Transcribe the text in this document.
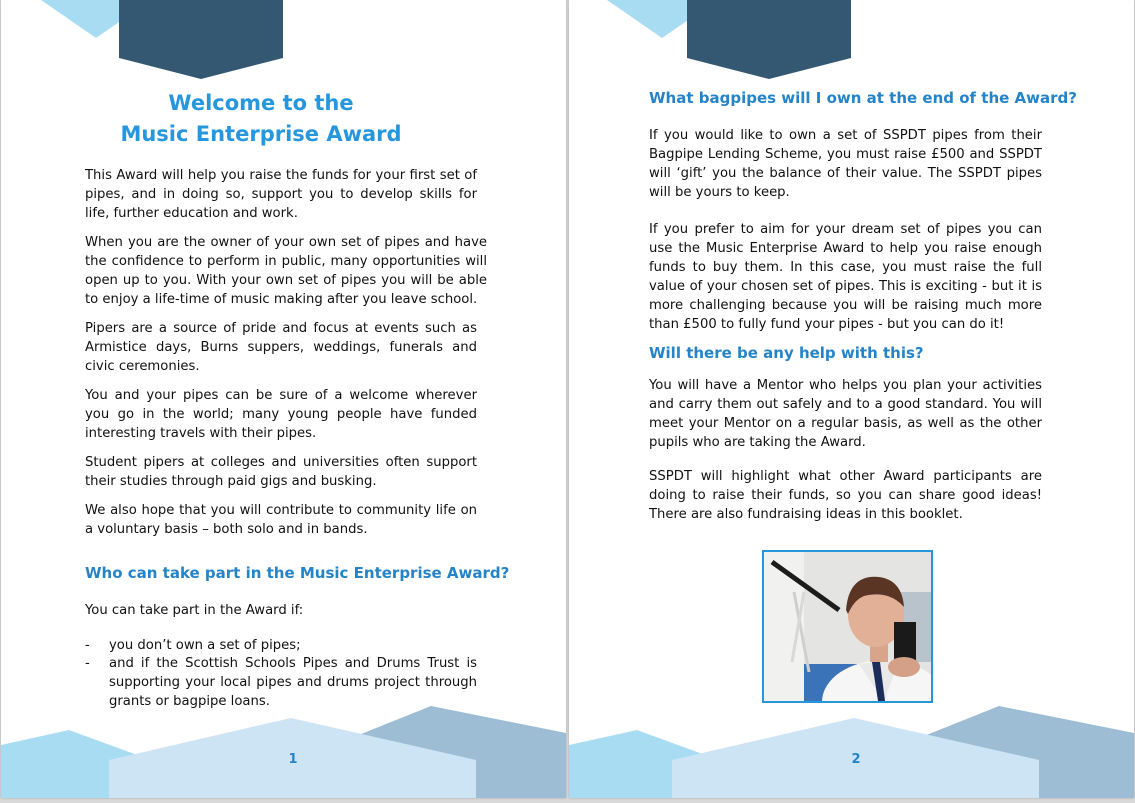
Welcome to the
Music Enterprise Award

This Award will help you raise the funds for your first set of pipes, and in doing so, support you to develop skills for life, further education and work.

When you are the owner of your own set of pipes and have the confidence to perform in public, many opportunities will open up to you. With your own set of pipes you will be able to enjoy a life-time of music making after you leave school.

Pipers are a source of pride and focus at events such as Armistice days, Burns suppers, weddings, funerals and civic ceremonies.

You and your pipes can be sure of a welcome wherever you go in the world; many young people have funded interesting travels with their pipes.

Student pipers at colleges and universities often support their studies through paid gigs and busking.

We also hope that you will contribute to community life on a voluntary basis – both solo and in bands.

Who can take part in the Music Enterprise Award?

You can take part in the Award if:

- you don’t own a set of pipes;
- and if the Scottish Schools Pipes and Drums Trust is supporting your local pipes and drums project through grants or bagpipe loans.
1
What bagpipes will I own at the end of the Award?

If you would like to own a set of SSPDT pipes from their Bagpipe Lending Scheme, you must raise £500 and SSPDT will ‘gift’ you the balance of their value. The SSPDT pipes will be yours to keep.

If you prefer to aim for your dream set of pipes you can use the Music Enterprise Award to help you raise enough funds to buy them. In this case, you must raise the full value of your chosen set of pipes. This is exciting - but it is more challenging because you will be raising much more than £500 to fully fund your pipes - but you can do it!

Will there be any help with this?

You will have a Mentor who helps you plan your activities and carry them out safely and to a good standard. You will meet your Mentor on a regular basis, as well as the other pupils who are taking the Award.

SSPDT will highlight what other Award participants are doing to raise their funds, so you can share good ideas! There are also fundraising ideas in this booklet.

2
